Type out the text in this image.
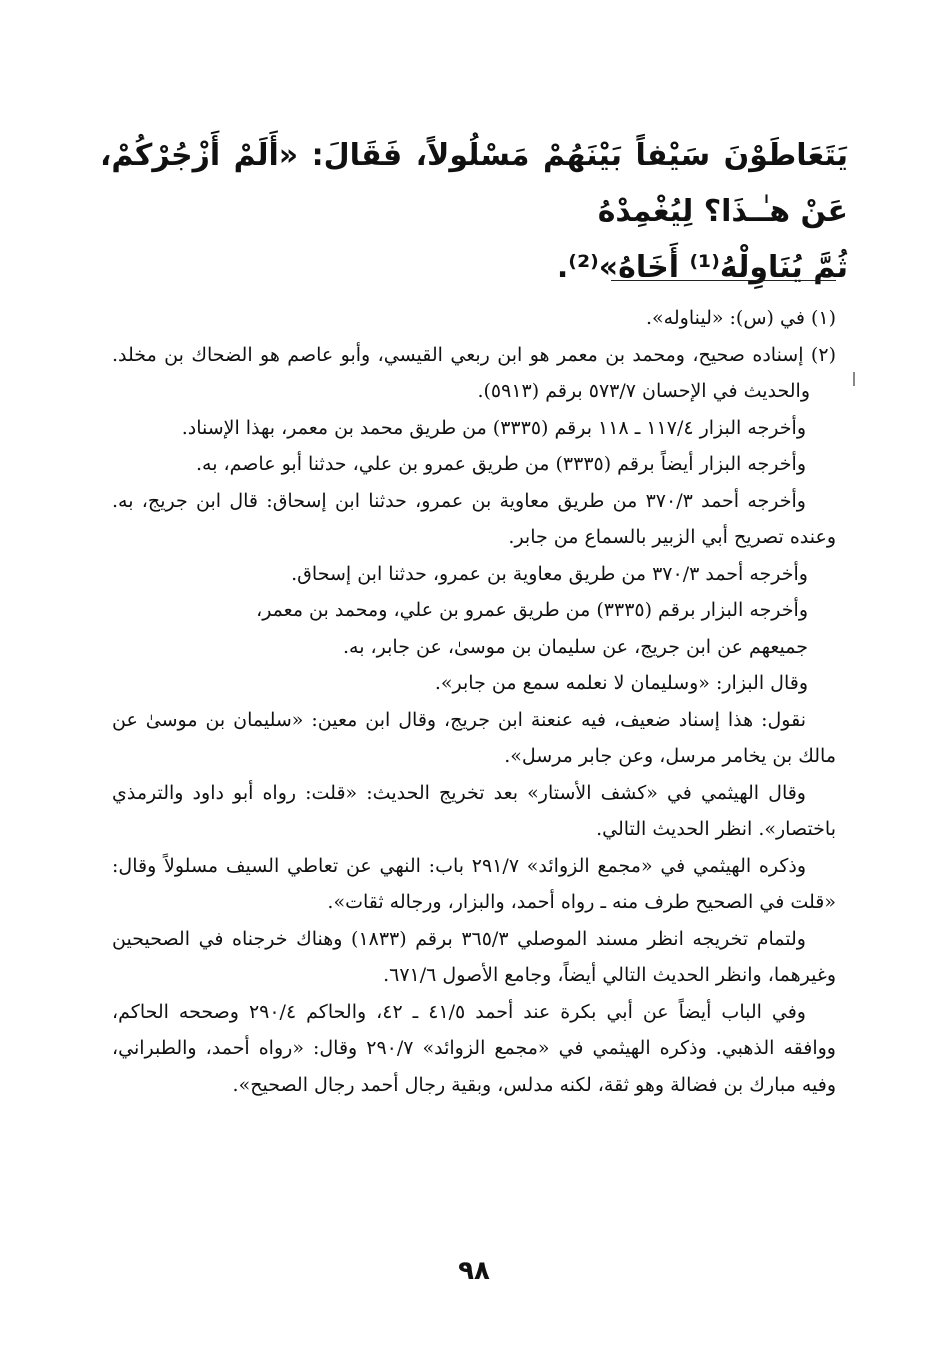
يَتَعَاطَوْنَ سَيْفاً بَيْنَهُمْ مَسْلُولاً، فَقَالَ: «أَلَمْ أَزْجُرْكُمْ، عَنْ هـٰـذَا؟ لِيُغْمِدْهُ

ثُمَّ يُنَاوِلْهُ⁽¹⁾ أَخَاهُ»⁽²⁾.

(١) في (س): «ليناوله».

(٢) إسناده صحيح، ومحمد بن معمر هو ابن ربعي القيسي، وأبو عاصم هو الضحاك بن مخلد. والحديث في الإحسان ٥٧٣/٧ برقم (٥٩١٣).

وأخرجه البزار ١١٧/٤ ـ ١١٨ برقم (٣٣٣٥) من طريق محمد بن معمر، بهذا الإسناد.

وأخرجه البزار أيضاً برقم (٣٣٣٥) من طريق عمرو بن علي، حدثنا أبو عاصم، به.

وأخرجه أحمد ٣٧٠/٣ من طريق معاوية بن عمرو، حدثنا ابن إسحاق: قال ابن جريج، به. وعنده تصريح أبي الزبير بالسماع من جابر.

وأخرجه أحمد ٣٧٠/٣ من طريق معاوية بن عمرو، حدثنا ابن إسحاق.

وأخرجه البزار برقم (٣٣٣٥) من طريق عمرو بن علي، ومحمد بن معمر،

جميعهم عن ابن جريج، عن سليمان بن موسىٰ، عن جابر، به.

وقال البزار: «وسليمان لا نعلمه سمع من جابر».

نقول: هذا إسناد ضعيف، فيه عنعنة ابن جريج، وقال ابن معين: «سليمان بن موسىٰ عن مالك بن يخامر مرسل، وعن جابر مرسل».

وقال الهيثمي في «كشف الأستار» بعد تخريج الحديث: «قلت: رواه أبو داود والترمذي باختصار». انظر الحديث التالي.

وذكره الهيثمي في «مجمع الزوائد» ٢٩١/٧ باب: النهي عن تعاطي السيف مسلولاً وقال: «قلت في الصحيح طرف منه ـ رواه أحمد، والبزار، ورجاله ثقات».

ولتمام تخريجه انظر مسند الموصلي ٣٦٥/٣ برقم (١٨٣٣) وهناك خرجناه في الصحيحين وغيرهما، وانظر الحديث التالي أيضاً، وجامع الأصول ٦٧١/٦.

وفي الباب أيضاً عن أبي بكرة عند أحمد ٤١/٥ ـ ٤٢، والحاكم ٢٩٠/٤ وصححه الحاكم، ووافقه الذهبي. وذكره الهيثمي في «مجمع الزوائد» ٢٩٠/٧ وقال: «رواه أحمد، والطبراني، وفيه مبارك بن فضالة وهو ثقة، لكنه مدلس، وبقية رجال أحمد رجال الصحيح».

٩٨
